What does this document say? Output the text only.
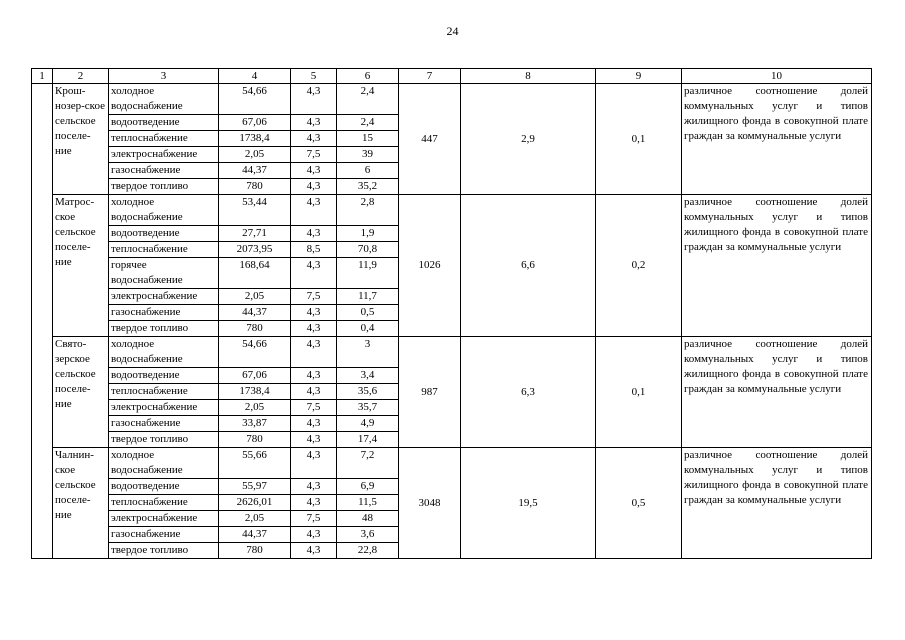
24
1	2	3	4	5	6	7	8	9	10
	Крош-нозер-ское сельское поселе-ние	холодное водоснабжение	54,66	4,3	2,4	447	2,9	0,1	различное соотношение долей коммунальных услуг и типов жилищного фонда в совокупной плате граждан за коммунальные услуги
		водоотведение	67,06	4,3	2,4				
		теплоснабжение	1738,4	4,3	15				
		электроснабжение	2,05	7,5	39				
		газоснабжение	44,37	4,3	6				
		твердое топливо	780	4,3	35,2				
	Матрос-ское сельское поселе-ние	холодное водоснабжение	53,44	4,3	2,8	1026	6,6	0,2	различное соотношение долей коммунальных услуг и типов жилищного фонда в совокупной плате граждан за коммунальные услуги
		водоотведение	27,71	4,3	1,9				
		теплоснабжение	2073,95	8,5	70,8				
		горячее водоснабжение	168,64	4,3	11,9				
		электроснабжение	2,05	7,5	11,7				
		газоснабжение	44,37	4,3	0,5				
		твердое топливо	780	4,3	0,4				
	Свято-зерское сельское поселе-ние	холодное водоснабжение	54,66	4,3	3	987	6,3	0,1	различное соотношение долей коммунальных услуг и типов жилищного фонда в совокупной плате граждан за коммунальные услуги
		водоотведение	67,06	4,3	3,4				
		теплоснабжение	1738,4	4,3	35,6				
		электроснабжение	2,05	7,5	35,7				
		газоснабжение	33,87	4,3	4,9				
		твердое топливо	780	4,3	17,4				
	Чалнин-ское сельское поселе-ние	холодное водоснабжение	55,66	4,3	7,2	3048	19,5	0,5	различное соотношение долей коммунальных услуг и типов жилищного фонда в совокупной плате граждан за коммунальные услуги
		водоотведение	55,97	4,3	6,9				
		теплоснабжение	2626,01	4,3	11,5				
		электроснабжение	2,05	7,5	48				
		газоснабжение	44,37	4,3	3,6				
		твердое топливо	780	4,3	22,8				
